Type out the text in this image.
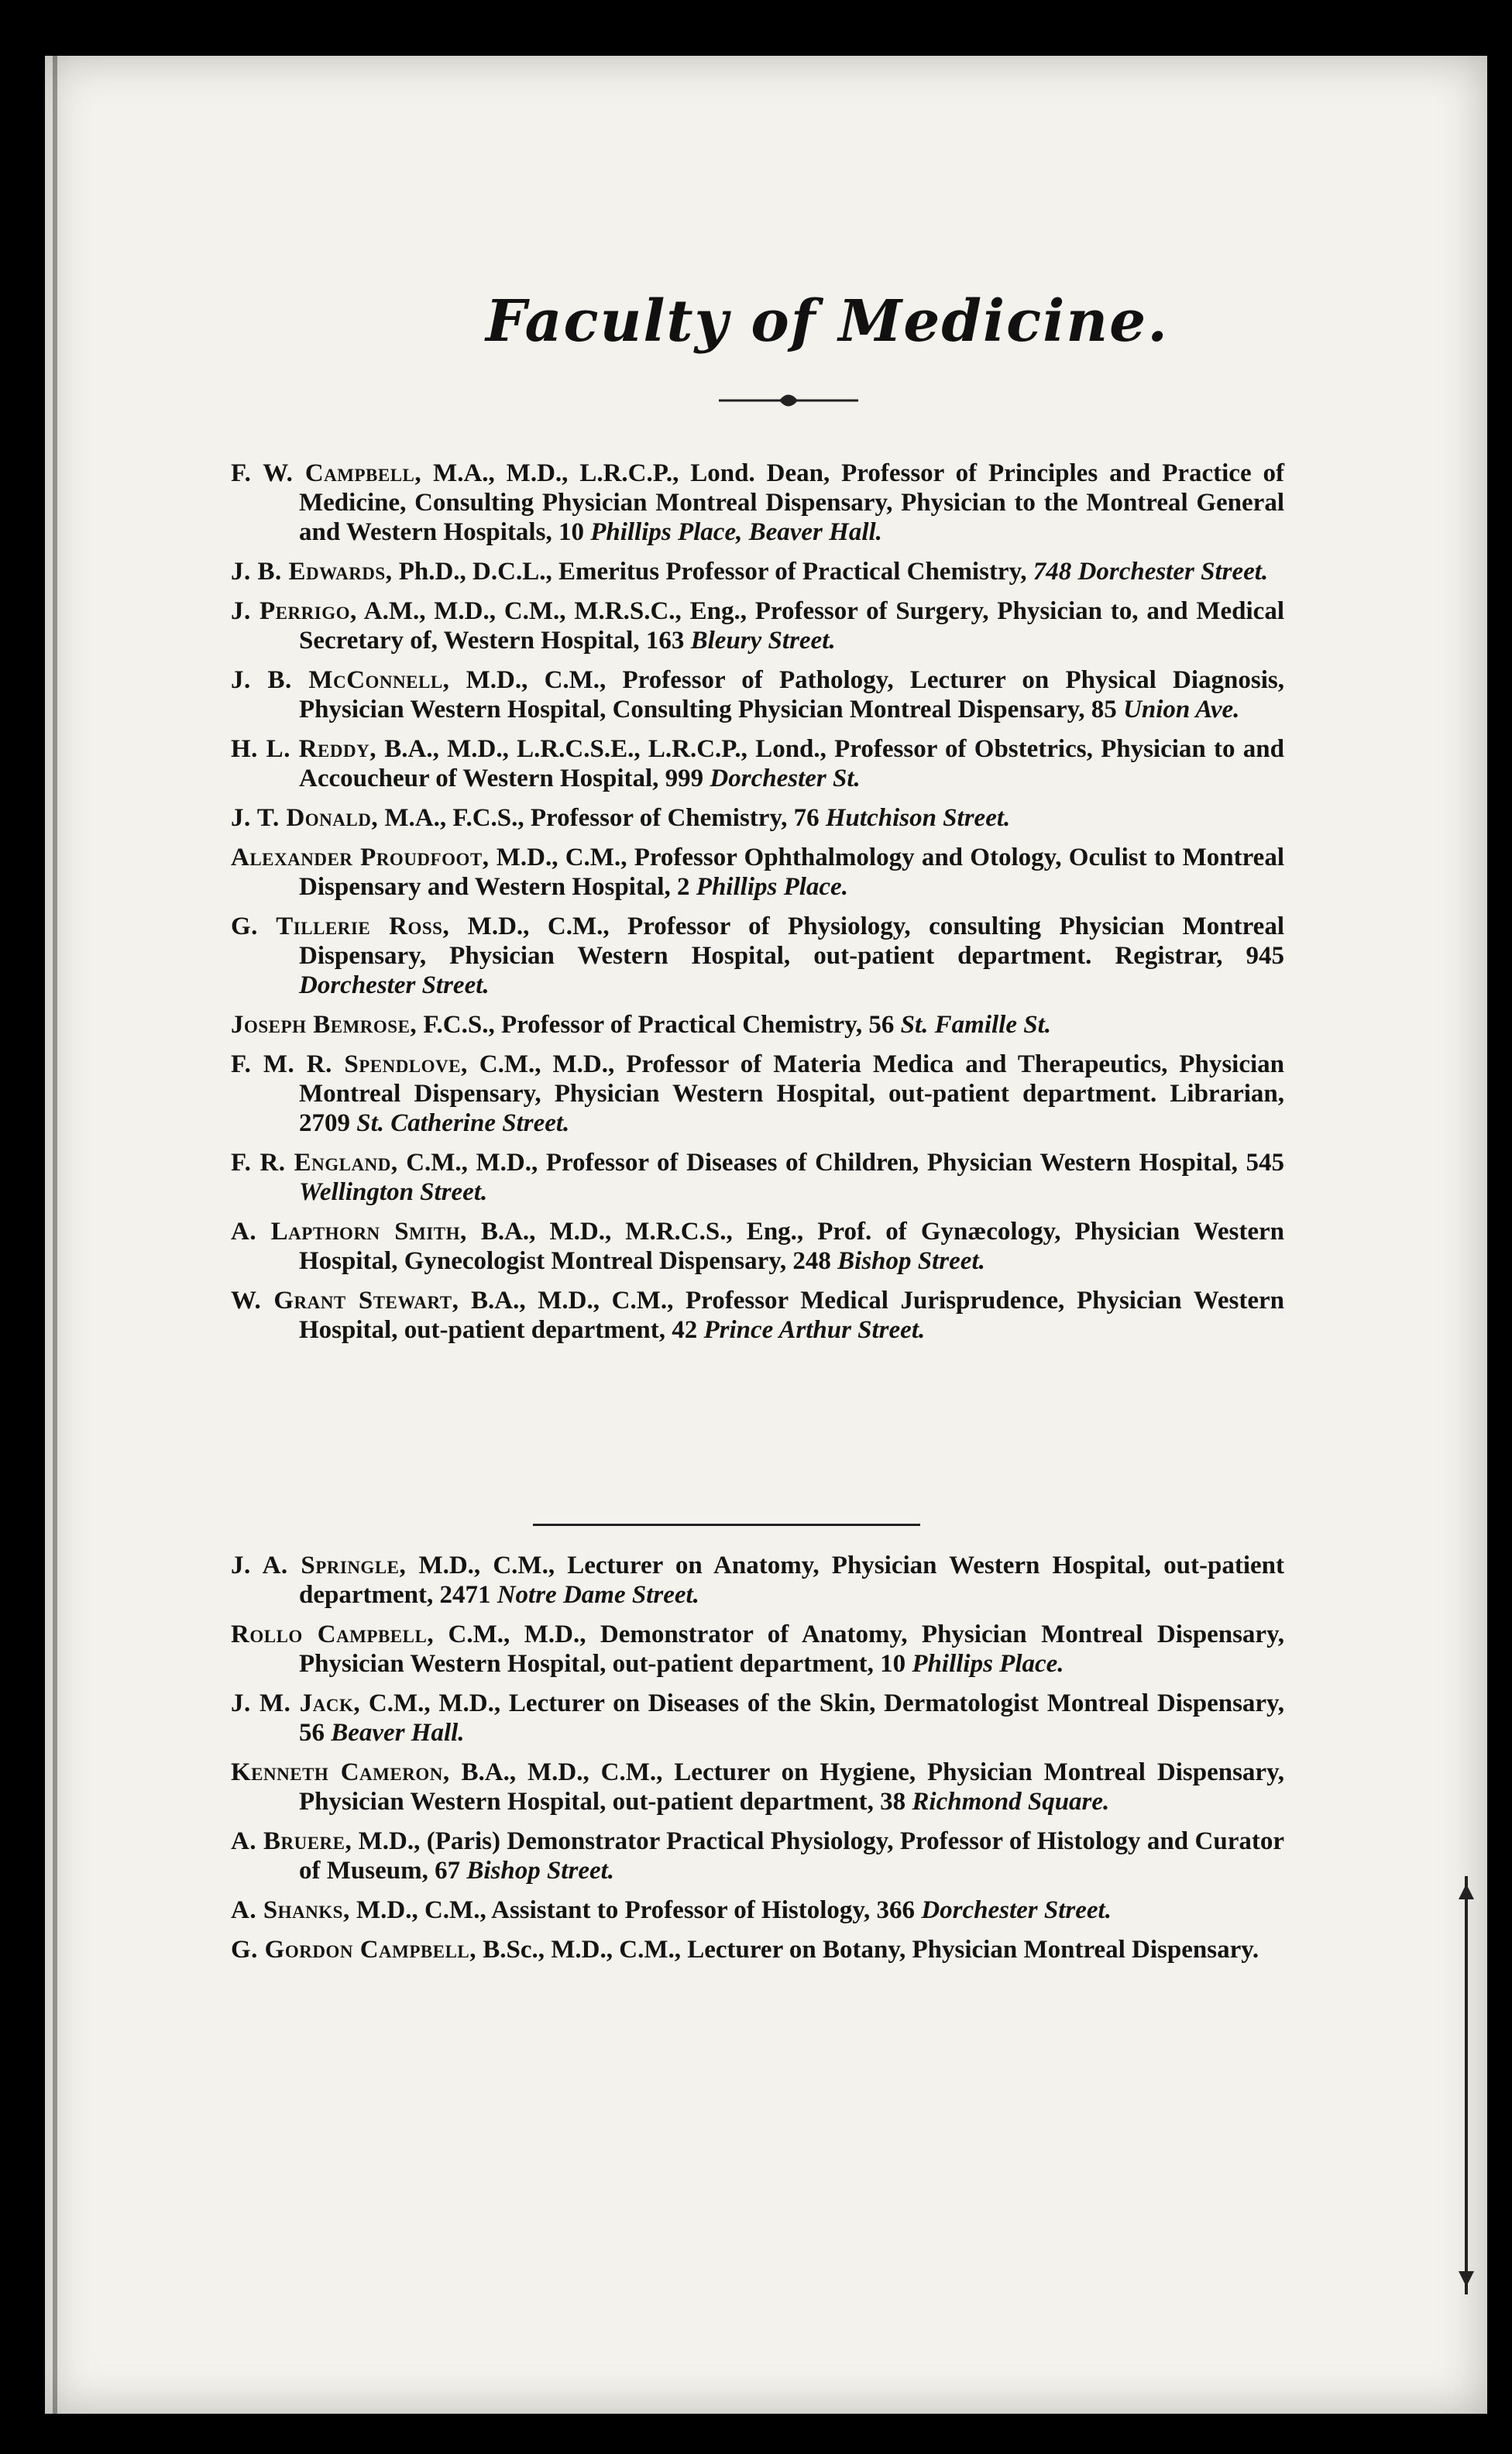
Faculty of Medicine.

F. W. Campbell, M.A., M.D., L.R.C.P., Lond. Dean, Professor of Principles and Practice of Medicine, Consulting Physician Montreal Dispensary, Physician to the Montreal General and Western Hospitals, 10 Phillips Place, Beaver Hall.

J. B. Edwards, Ph.D., D.C.L., Emeritus Professor of Practical Chemistry, 748 Dorchester Street.

J. Perrigo, A.M., M.D., C.M., M.R.S.C., Eng., Professor of Surgery, Physician to, and Medical Secretary of, Western Hospital, 163 Bleury Street.

J. B. McConnell, M.D., C.M., Professor of Pathology, Lecturer on Physical Diagnosis, Physician Western Hospital, Consulting Physician Montreal Dispensary, 85 Union Ave.

H. L. Reddy, B.A., M.D., L.R.C.S.E., L.R.C.P., Lond., Professor of Obstetrics, Physician to and Accoucheur of Western Hospital, 999 Dorchester St.

J. T. Donald, M.A., F.C.S., Professor of Chemistry, 76 Hutchison Street.

Alexander Proudfoot, M.D., C.M., Professor Ophthalmology and Otology, Oculist to Montreal Dispensary and Western Hospital, 2 Phillips Place.

G. Tillerie Ross, M.D., C.M., Professor of Physiology, consulting Physician Montreal Dispensary, Physician Western Hospital, out-patient department. Registrar, 945 Dorchester Street.

Joseph Bemrose, F.C.S., Professor of Practical Chemistry, 56 St. Famille St.

F. M. R. Spendlove, C.M., M.D., Professor of Materia Medica and Therapeutics, Physician Montreal Dispensary, Physician Western Hospital, out-patient department. Librarian, 2709 St. Catherine Street.

F. R. England, C.M., M.D., Professor of Diseases of Children, Physician Western Hospital, 545 Wellington Street.

A. Lapthorn Smith, B.A., M.D., M.R.C.S., Eng., Prof. of Gynæcology, Physician Western Hospital, Gynecologist Montreal Dispensary, 248 Bishop Street.

W. Grant Stewart, B.A., M.D., C.M., Professor Medical Jurisprudence, Physician Western Hospital, out-patient department, 42 Prince Arthur Street.

J. A. Springle, M.D., C.M., Lecturer on Anatomy, Physician Western Hospital, out-patient department, 2471 Notre Dame Street.

Rollo Campbell, C.M., M.D., Demonstrator of Anatomy, Physician Montreal Dispensary, Physician Western Hospital, out-patient department, 10 Phillips Place.

J. M. Jack, C.M., M.D., Lecturer on Diseases of the Skin, Dermatologist Montreal Dispensary, 56 Beaver Hall.

Kenneth Cameron, B.A., M.D., C.M., Lecturer on Hygiene, Physician Montreal Dispensary, Physician Western Hospital, out-patient department, 38 Richmond Square.

A. Bruere, M.D., (Paris) Demonstrator Practical Physiology, Professor of Histology and Curator of Museum, 67 Bishop Street.

A. Shanks, M.D., C.M., Assistant to Professor of Histology, 366 Dorchester Street.

G. Gordon Campbell, B.Sc., M.D., C.M., Lecturer on Botany, Physician Montreal Dispensary.
